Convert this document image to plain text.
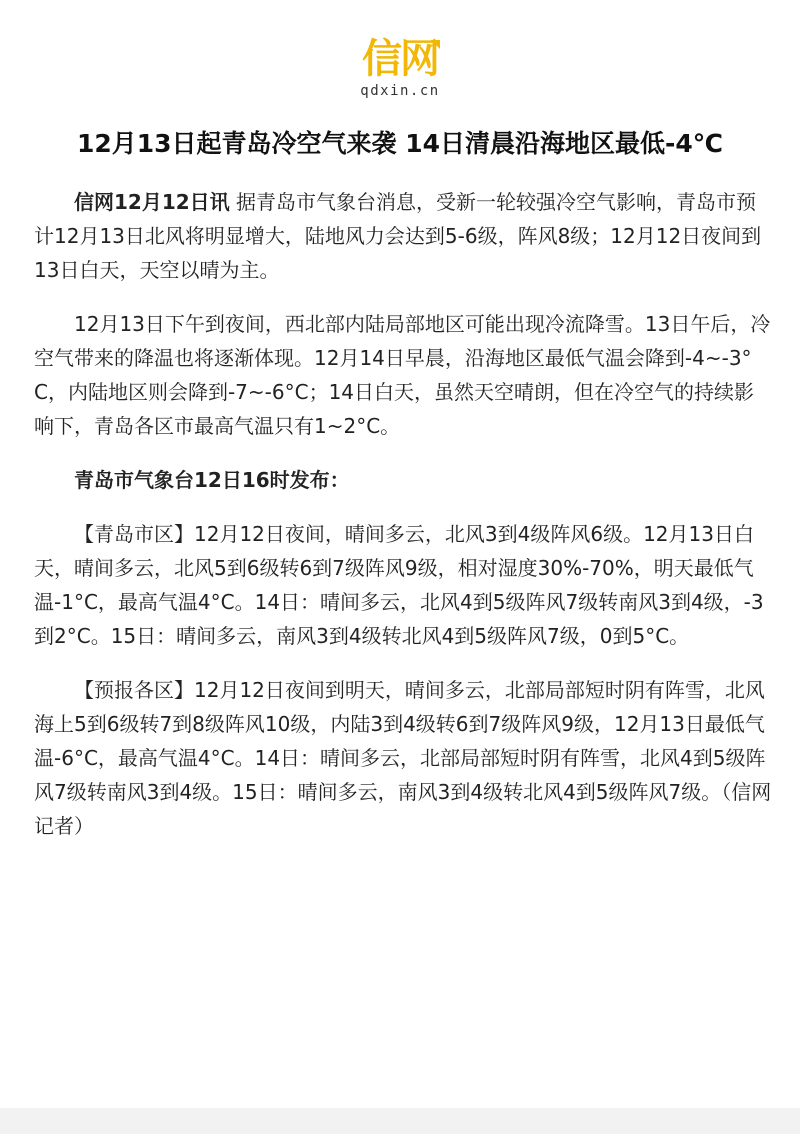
信网
qdxin.cn
12月13日起青岛冷空气来袭 14日清晨沿海地区最低-4℃

信网12月12日讯 据青岛市气象台消息，受新一轮较强冷空气影响，青岛市预计12月13日北风将明显增大，陆地风力会达到5-6级，阵风8级；12月12日夜间到13日白天，天空以晴为主。

12月13日下午到夜间，西北部内陆局部地区可能出现冷流降雪。13日午后，冷空气带来的降温也将逐渐体现。12月14日早晨，沿海地区最低气温会降到-4~-3°C，内陆地区则会降到-7~-6°C；14日白天，虽然天空晴朗，但在冷空气的持续影响下，青岛各区市最高气温只有1~2°C。

青岛市气象台12日16时发布：

【青岛市区】12月12日夜间，晴间多云，北风3到4级阵风6级。12月13日白天，晴间多云，北风5到6级转6到7级阵风9级，相对湿度30%-70%，明天最低气温-1°C，最高气温4°C。14日：晴间多云，北风4到5级阵风7级转南风3到4级，-3到2°C。15日：晴间多云，南风3到4级转北风4到5级阵风7级，0到5°C。

【预报各区】12月12日夜间到明天，晴间多云，北部局部短时阴有阵雪，北风海上5到6级转7到8级阵风10级，内陆3到4级转6到7级阵风9级，12月13日最低气温-6°C，最高气温4°C。14日：晴间多云，北部局部短时阴有阵雪，北风4到5级阵风7级转南风3到4级。15日：晴间多云，南风3到4级转北风4到5级阵风7级。（信网记者）
